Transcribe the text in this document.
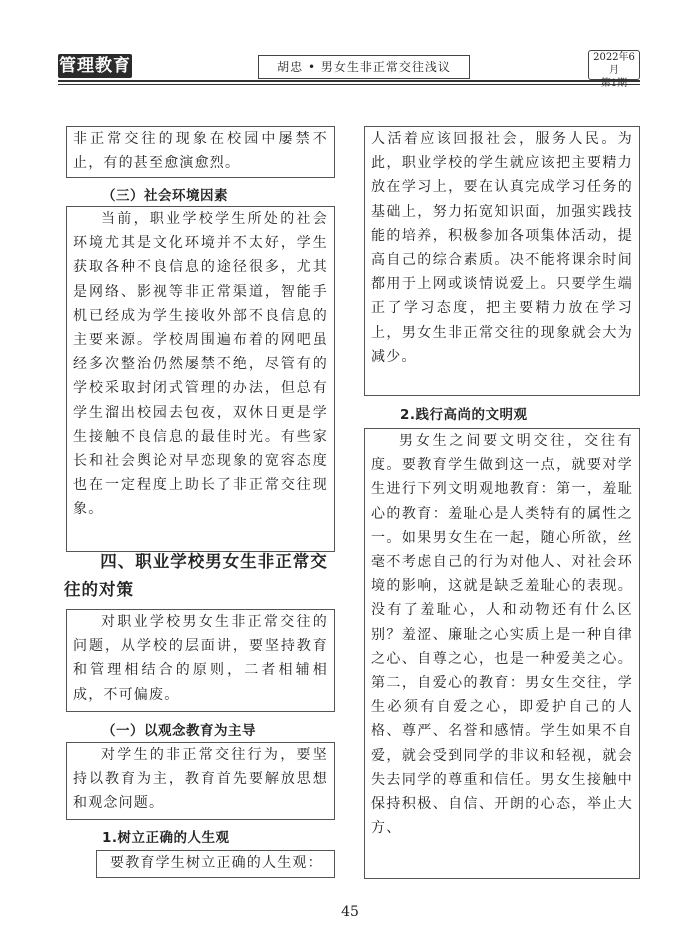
管理教育	胡忠 • 男女生非正常交往浅议
2022年6月

非正常交往的现象在校园中屡禁不止，有的甚至愈演愈烈。

（三）社会环境因素

当前，职业学校学生所处的社会环境尤其是文化环境并不太好，学生获取各种不良信息的途径很多，尤其是网络、影视等非正常渠道，智能手机已经成为学生接收外部不良信息的主要来源。学校周围遍布着的网吧虽经多次整治仍然屡禁不绝，尽管有的学校采取封闭式管理的办法，但总有学生溜出校园去包夜，双休日更是学生接触不良信息的最佳时光。有些家长和社会舆论对早恋现象的宽容态度也在一定程度上助长了非正常交往现象。

四、职业学校男女生非正常交往的对策

对职业学校男女生非正常交往的问题，从学校的层面讲，要坚持教育和管理相结合的原则，二者相辅相成，不可偏废。

（一）以观念教育为主导

对学生的非正常交往行为，要坚持以教育为主，教育首先要解放思想和观念问题。

1.树立正确的人生观

要教育学生树立正确的人生观：

人活着应该回报社会，服务人民。为此，职业学校的学生就应该把主要精力放在学习上，要在认真完成学习任务的基础上，努力拓宽知识面，加强实践技能的培养，积极参加各项集体活动，提高自己的综合素质。决不能将课余时间都用于上网或谈情说爱上。只要学生端正了学习态度，把主要精力放在学习上，男女生非正常交往的现象就会大为减少。

2.践行高尚的文明观

男女生之间要文明交往，交往有度。要教育学生做到这一点，就要对学生进行下列文明观地教育：第一，羞耻心的教育：羞耻心是人类特有的属性之一。如果男女生在一起，随心所欲，丝毫不考虑自己的行为对他人、对社会环境的影响，这就是缺乏羞耻心的表现。没有了羞耻心，人和动物还有什么区别？羞涩、廉耻之心实质上是一种自律之心、自尊之心，也是一种爱美之心。第二，自爱心的教育：男女生交往，学生必须有自爱之心，即爱护自己的人格、尊严、名誉和感情。学生如果不自爱，就会受到同学的非议和轻视，就会失去同学的尊重和信任。男女生接触中保持积极、自信、开朗的心态，举止大方、

45
